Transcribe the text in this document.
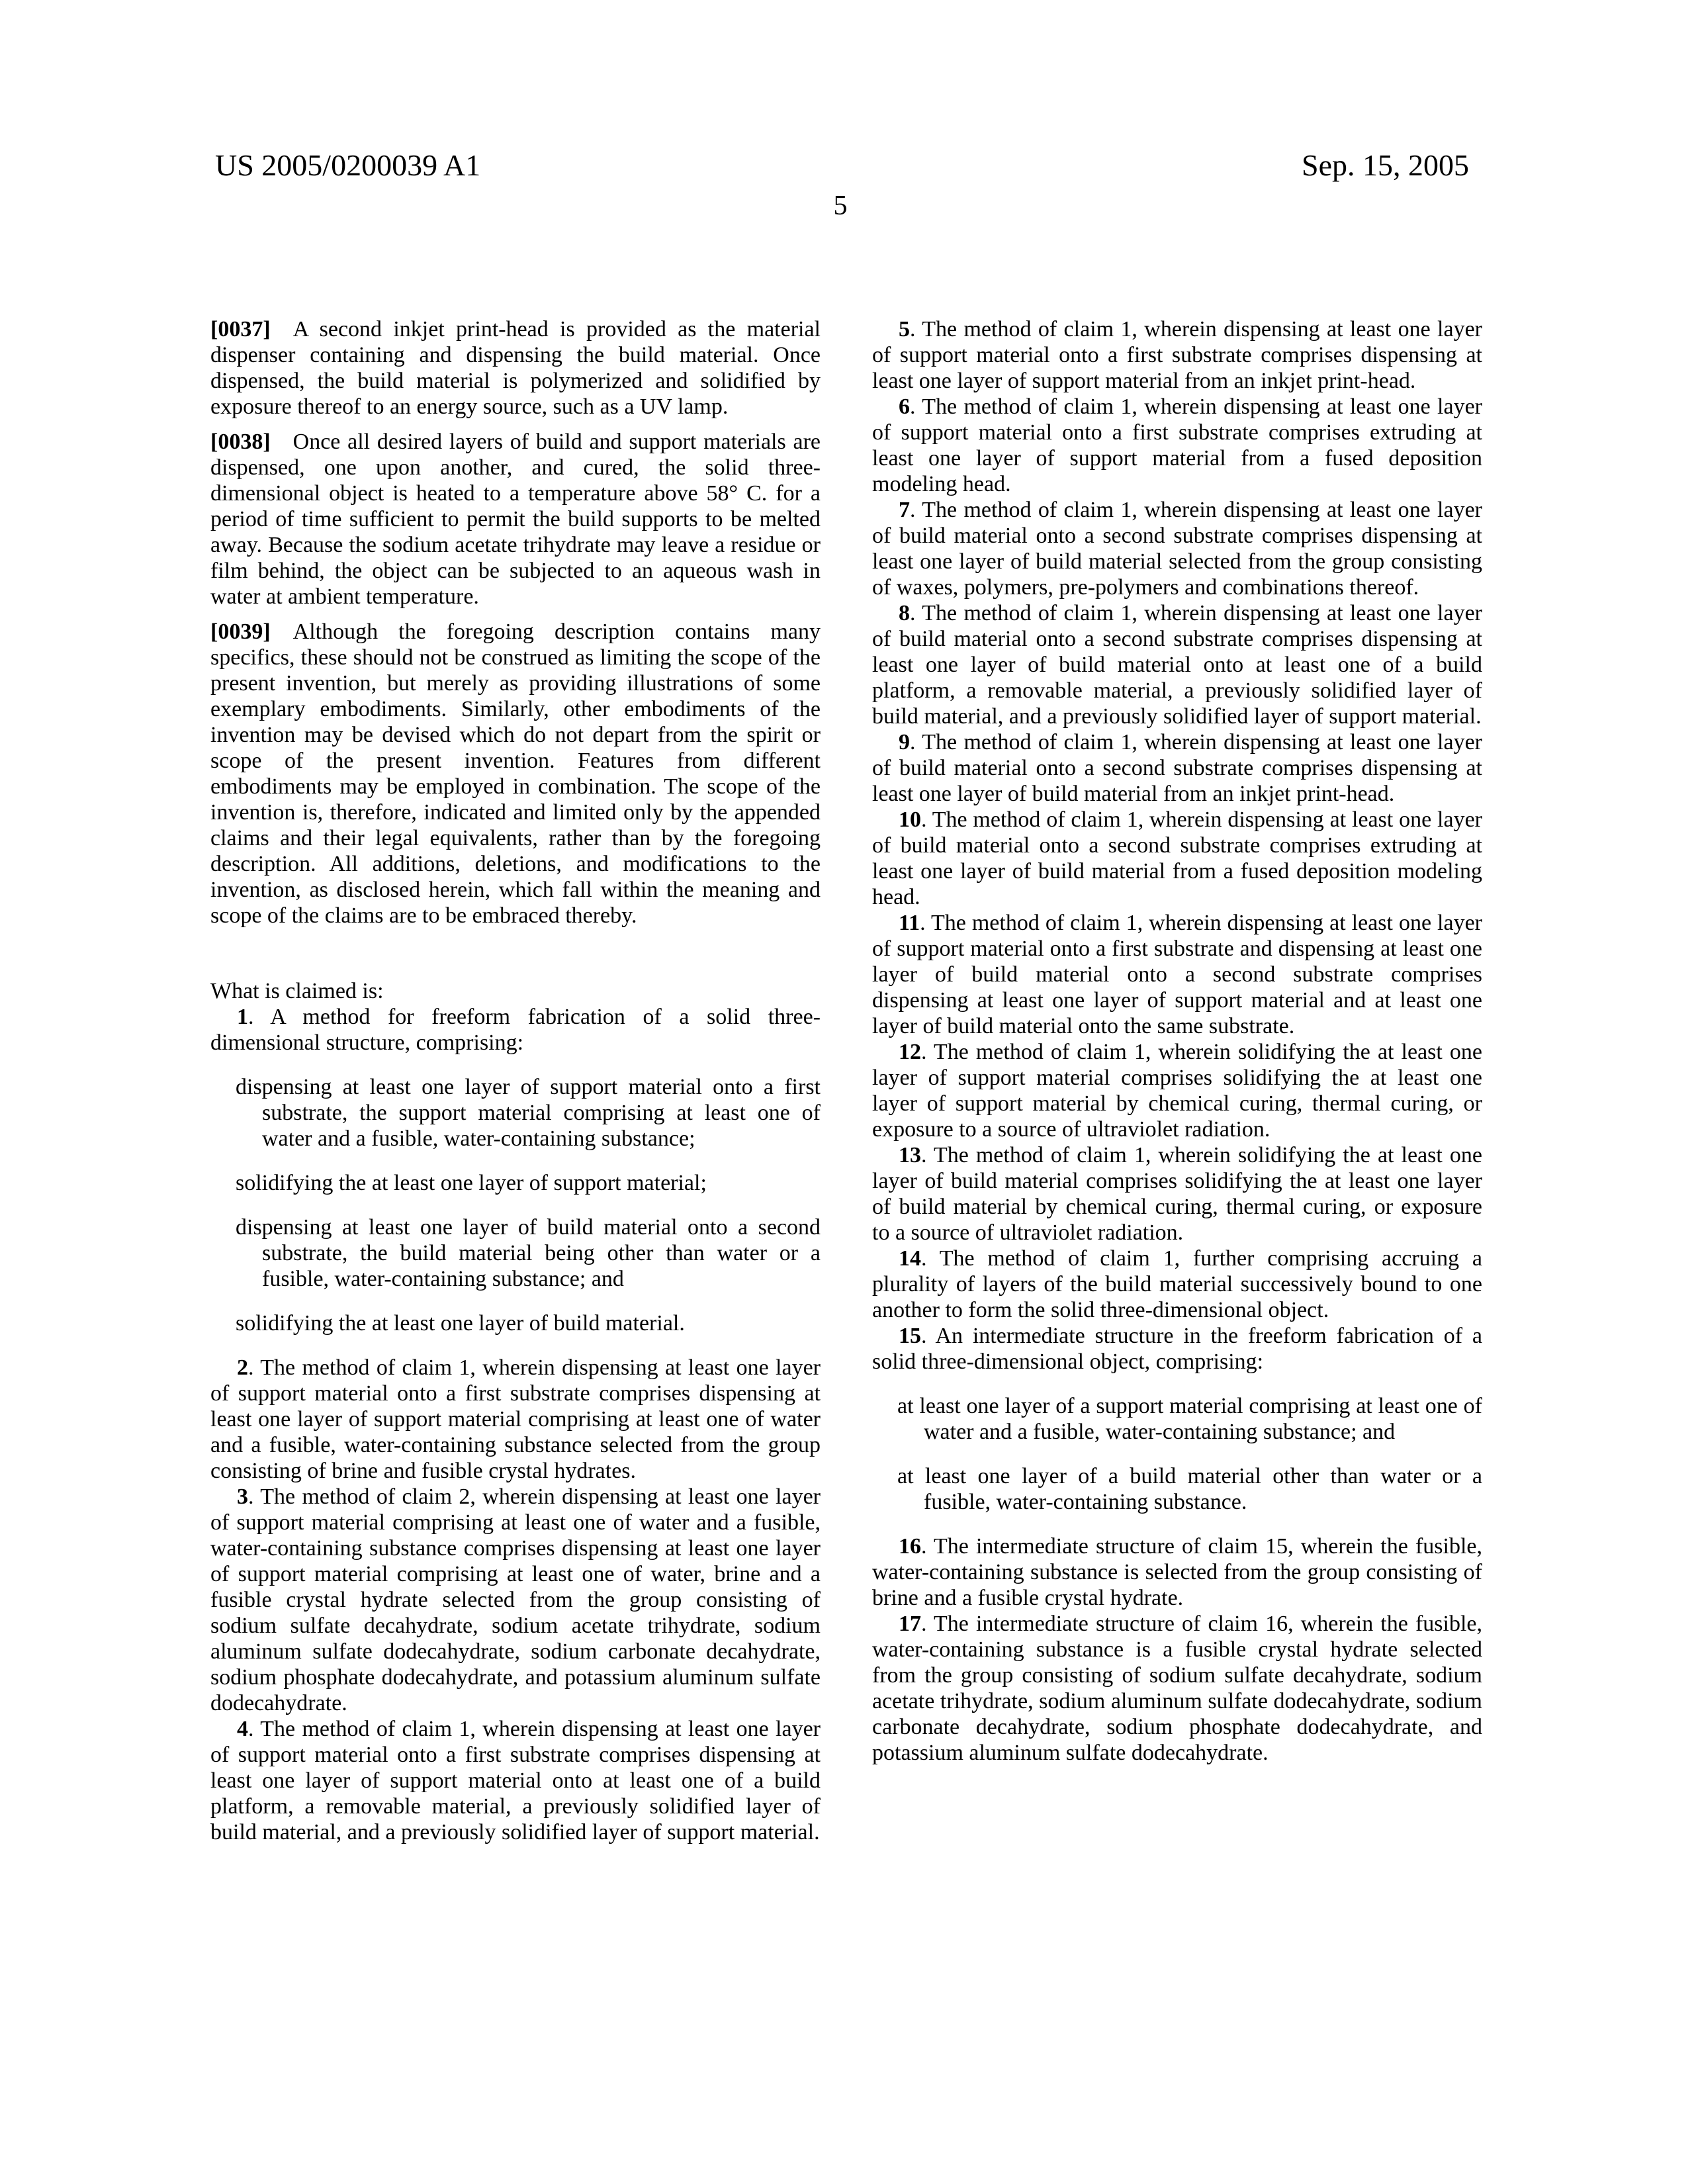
US 2005/0200039 A1	Sep. 15, 2005
5

[0037] A second inkjet print-head is provided as the material dispenser containing and dispensing the build material. Once dispensed, the build material is polymerized and solidified by exposure thereof to an energy source, such as a UV lamp.

[0038] Once all desired layers of build and support materials are dispensed, one upon another, and cured, the solid three-dimensional object is heated to a temperature above 58° C. for a period of time sufficient to permit the build supports to be melted away. Because the sodium acetate trihydrate may leave a residue or film behind, the object can be subjected to an aqueous wash in water at ambient temperature.

[0039] Although the foregoing description contains many specifics, these should not be construed as limiting the scope of the present invention, but merely as providing illustrations of some exemplary embodiments. Similarly, other embodiments of the invention may be devised which do not depart from the spirit or scope of the present invention. Features from different embodiments may be employed in combination. The scope of the invention is, therefore, indicated and limited only by the appended claims and their legal equivalents, rather than by the foregoing description. All additions, deletions, and modifications to the invention, as disclosed herein, which fall within the meaning and scope of the claims are to be embraced thereby.

What is claimed is:

1. A method for freeform fabrication of a solid three-dimensional structure, comprising:

dispensing at least one layer of support material onto a first substrate, the support material comprising at least one of water and a fusible, water-containing substance;

solidifying the at least one layer of support material;

dispensing at least one layer of build material onto a second substrate, the build material being other than water or a fusible, water-containing substance; and

solidifying the at least one layer of build material.

2. The method of claim 1, wherein dispensing at least one layer of support material onto a first substrate comprises dispensing at least one layer of support material comprising at least one of water and a fusible, water-containing substance selected from the group consisting of brine and fusible crystal hydrates.

3. The method of claim 2, wherein dispensing at least one layer of support material comprising at least one of water and a fusible, water-containing substance comprises dispensing at least one layer of support material comprising at least one of water, brine and a fusible crystal hydrate selected from the group consisting of sodium sulfate decahydrate, sodium acetate trihydrate, sodium aluminum sulfate dodecahydrate, sodium carbonate decahydrate, sodium phosphate dodecahydrate, and potassium aluminum sulfate dodecahydrate.

4. The method of claim 1, wherein dispensing at least one layer of support material onto a first substrate comprises dispensing at least one layer of support material onto at least one of a build platform, a removable material, a previously solidified layer of build material, and a previously solidified layer of support material.

5. The method of claim 1, wherein dispensing at least one layer of support material onto a first substrate comprises dispensing at least one layer of support material from an inkjet print-head.

6. The method of claim 1, wherein dispensing at least one layer of support material onto a first substrate comprises extruding at least one layer of support material from a fused deposition modeling head.

7. The method of claim 1, wherein dispensing at least one layer of build material onto a second substrate comprises dispensing at least one layer of build material selected from the group consisting of waxes, polymers, pre-polymers and combinations thereof.

8. The method of claim 1, wherein dispensing at least one layer of build material onto a second substrate comprises dispensing at least one layer of build material onto at least one of a build platform, a removable material, a previously solidified layer of build material, and a previously solidified layer of support material.

9. The method of claim 1, wherein dispensing at least one layer of build material onto a second substrate comprises dispensing at least one layer of build material from an inkjet print-head.

10. The method of claim 1, wherein dispensing at least one layer of build material onto a second substrate comprises extruding at least one layer of build material from a fused deposition modeling head.

11. The method of claim 1, wherein dispensing at least one layer of support material onto a first substrate and dispensing at least one layer of build material onto a second substrate comprises dispensing at least one layer of support material and at least one layer of build material onto the same substrate.

12. The method of claim 1, wherein solidifying the at least one layer of support material comprises solidifying the at least one layer of support material by chemical curing, thermal curing, or exposure to a source of ultraviolet radiation.

13. The method of claim 1, wherein solidifying the at least one layer of build material comprises solidifying the at least one layer of build material by chemical curing, thermal curing, or exposure to a source of ultraviolet radiation.

14. The method of claim 1, further comprising accruing a plurality of layers of the build material successively bound to one another to form the solid three-dimensional object.

15. An intermediate structure in the freeform fabrication of a solid three-dimensional object, comprising:

at least one layer of a support material comprising at least one of water and a fusible, water-containing substance; and

at least one layer of a build material other than water or a fusible, water-containing substance.

16. The intermediate structure of claim 15, wherein the fusible, water-containing substance is selected from the group consisting of brine and a fusible crystal hydrate.

17. The intermediate structure of claim 16, wherein the fusible, water-containing substance is a fusible crystal hydrate selected from the group consisting of sodium sulfate decahydrate, sodium acetate trihydrate, sodium aluminum sulfate dodecahydrate, sodium carbonate decahydrate, sodium phosphate dodecahydrate, and potassium aluminum sulfate dodecahydrate.
